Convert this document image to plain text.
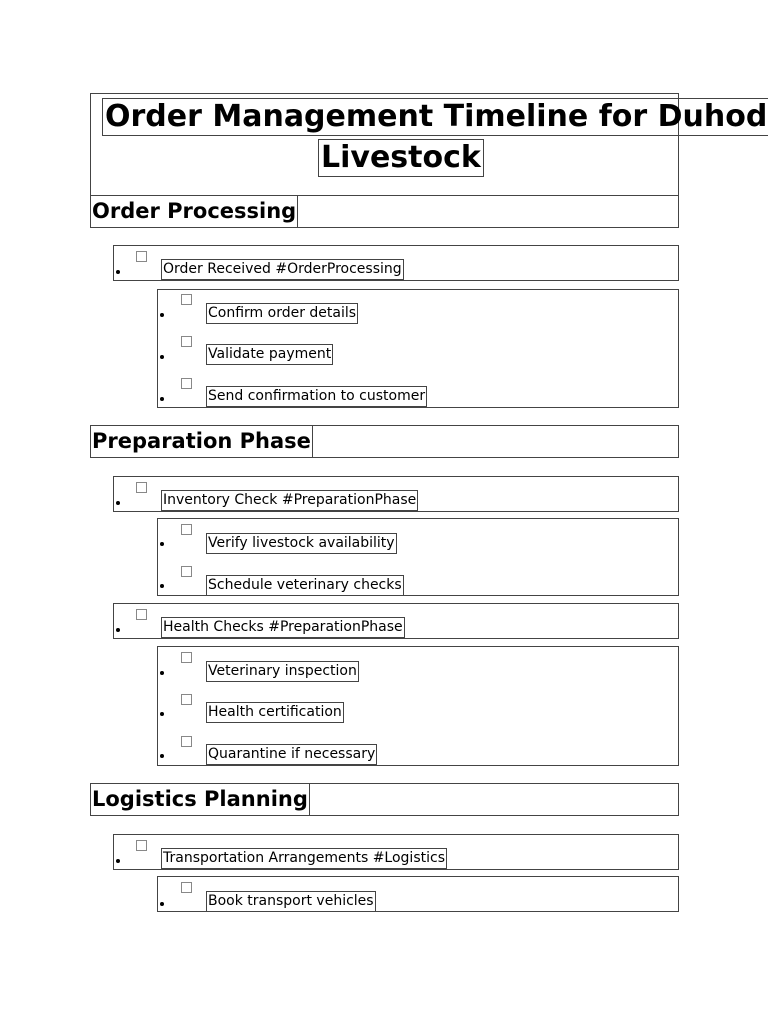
Order Management Timeline for Duhod
Livestock
Order Processing
Order Received #OrderProcessing
Confirm order details
Validate payment
Send confirmation to customer
Preparation Phase
Inventory Check #PreparationPhase
Verify livestock availability
Schedule veterinary checks
Health Checks #PreparationPhase
Veterinary inspection
Health certification
Quarantine if necessary
Logistics Planning
Transportation Arrangements #Logistics
Book transport vehicles
